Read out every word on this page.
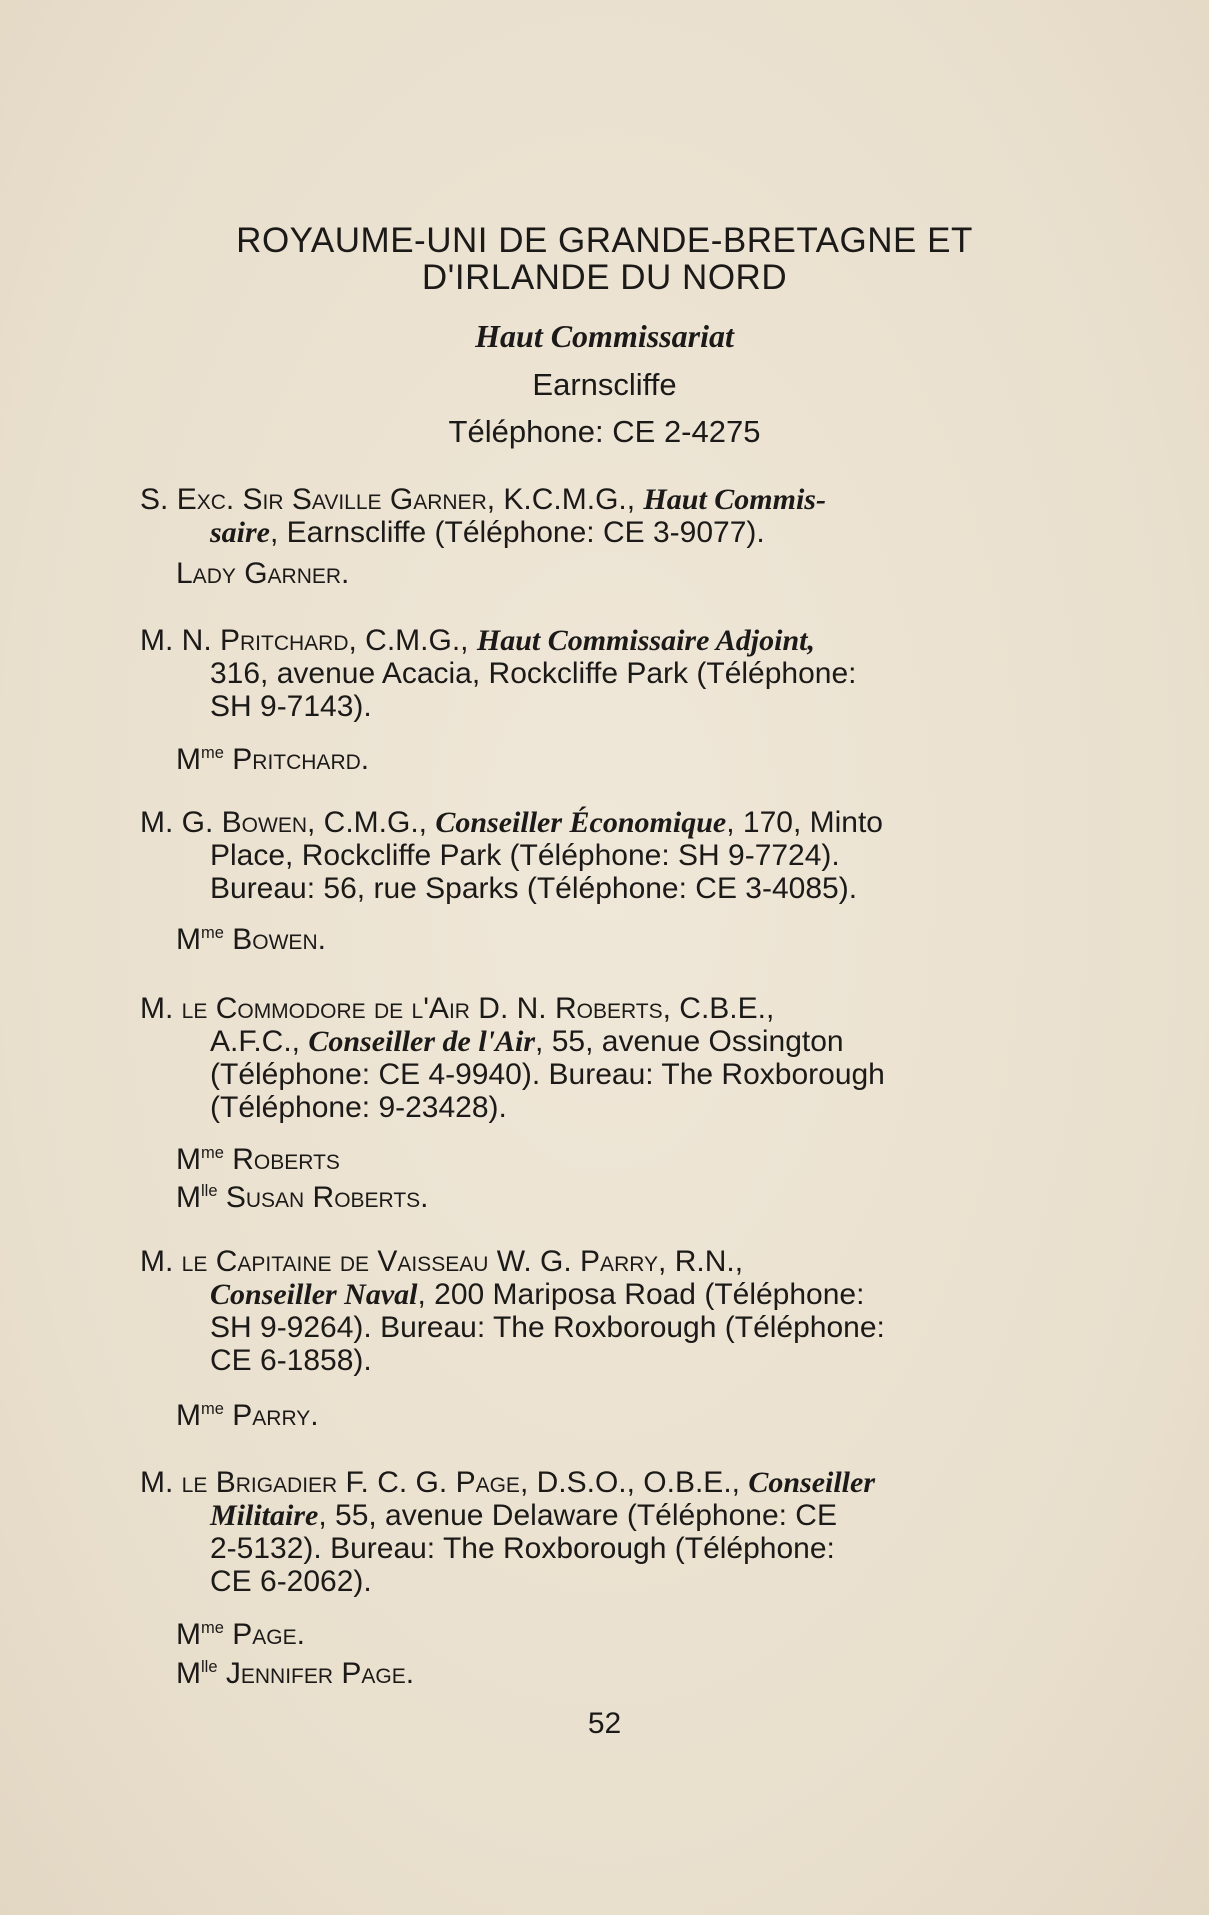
ROYAUME-UNI DE GRANDE-BRETAGNE ET
D'IRLANDE DU NORD
Haut Commissariat
Earnscliffe
Téléphone: CE 2-4275
S. Exc. Sir Saville Garner, K.C.M.G., Haut Commis-
saire, Earnscliffe (Téléphone: CE 3-9077).
Lady Garner.
M. N. Pritchard, C.M.G., Haut Commissaire Adjoint,
316, avenue Acacia, Rockcliffe Park (Téléphone:
SH 9-7143).
$M^{me}$ Pritchard.
M. G. Bowen, C.M.G., Conseiller Économique, 170, Minto
Place, Rockcliffe Park (Téléphone: SH 9-7724).
Bureau: 56, rue Sparks (Téléphone: CE 3-4085).
$M^{me}$ Bowen.
M. le Commodore de l'Air D. N. Roberts, C.B.E.,
A.F.C., Conseiller de l'Air, 55, avenue Ossington
(Téléphone: CE 4-9940). Bureau: The Roxborough
(Téléphone: 9-23428).
$M^{me}$ Roberts
$M^{lle}$ Susan Roberts.
M. le Capitaine de Vaisseau W. G. Parry, R.N.,
Conseiller Naval, 200 Mariposa Road (Téléphone:
SH 9-9264). Bureau: The Roxborough (Téléphone:
CE 6-1858).
$M^{me}$ Parry.
M. le Brigadier F. C. G. Page, D.S.O., O.B.E., Conseiller
Militaire, 55, avenue Delaware (Téléphone: CE
2-5132). Bureau: The Roxborough (Téléphone:
CE 6-2062).
$M^{me}$ Page.
$M^{lle}$ Jennifer Page.
52
